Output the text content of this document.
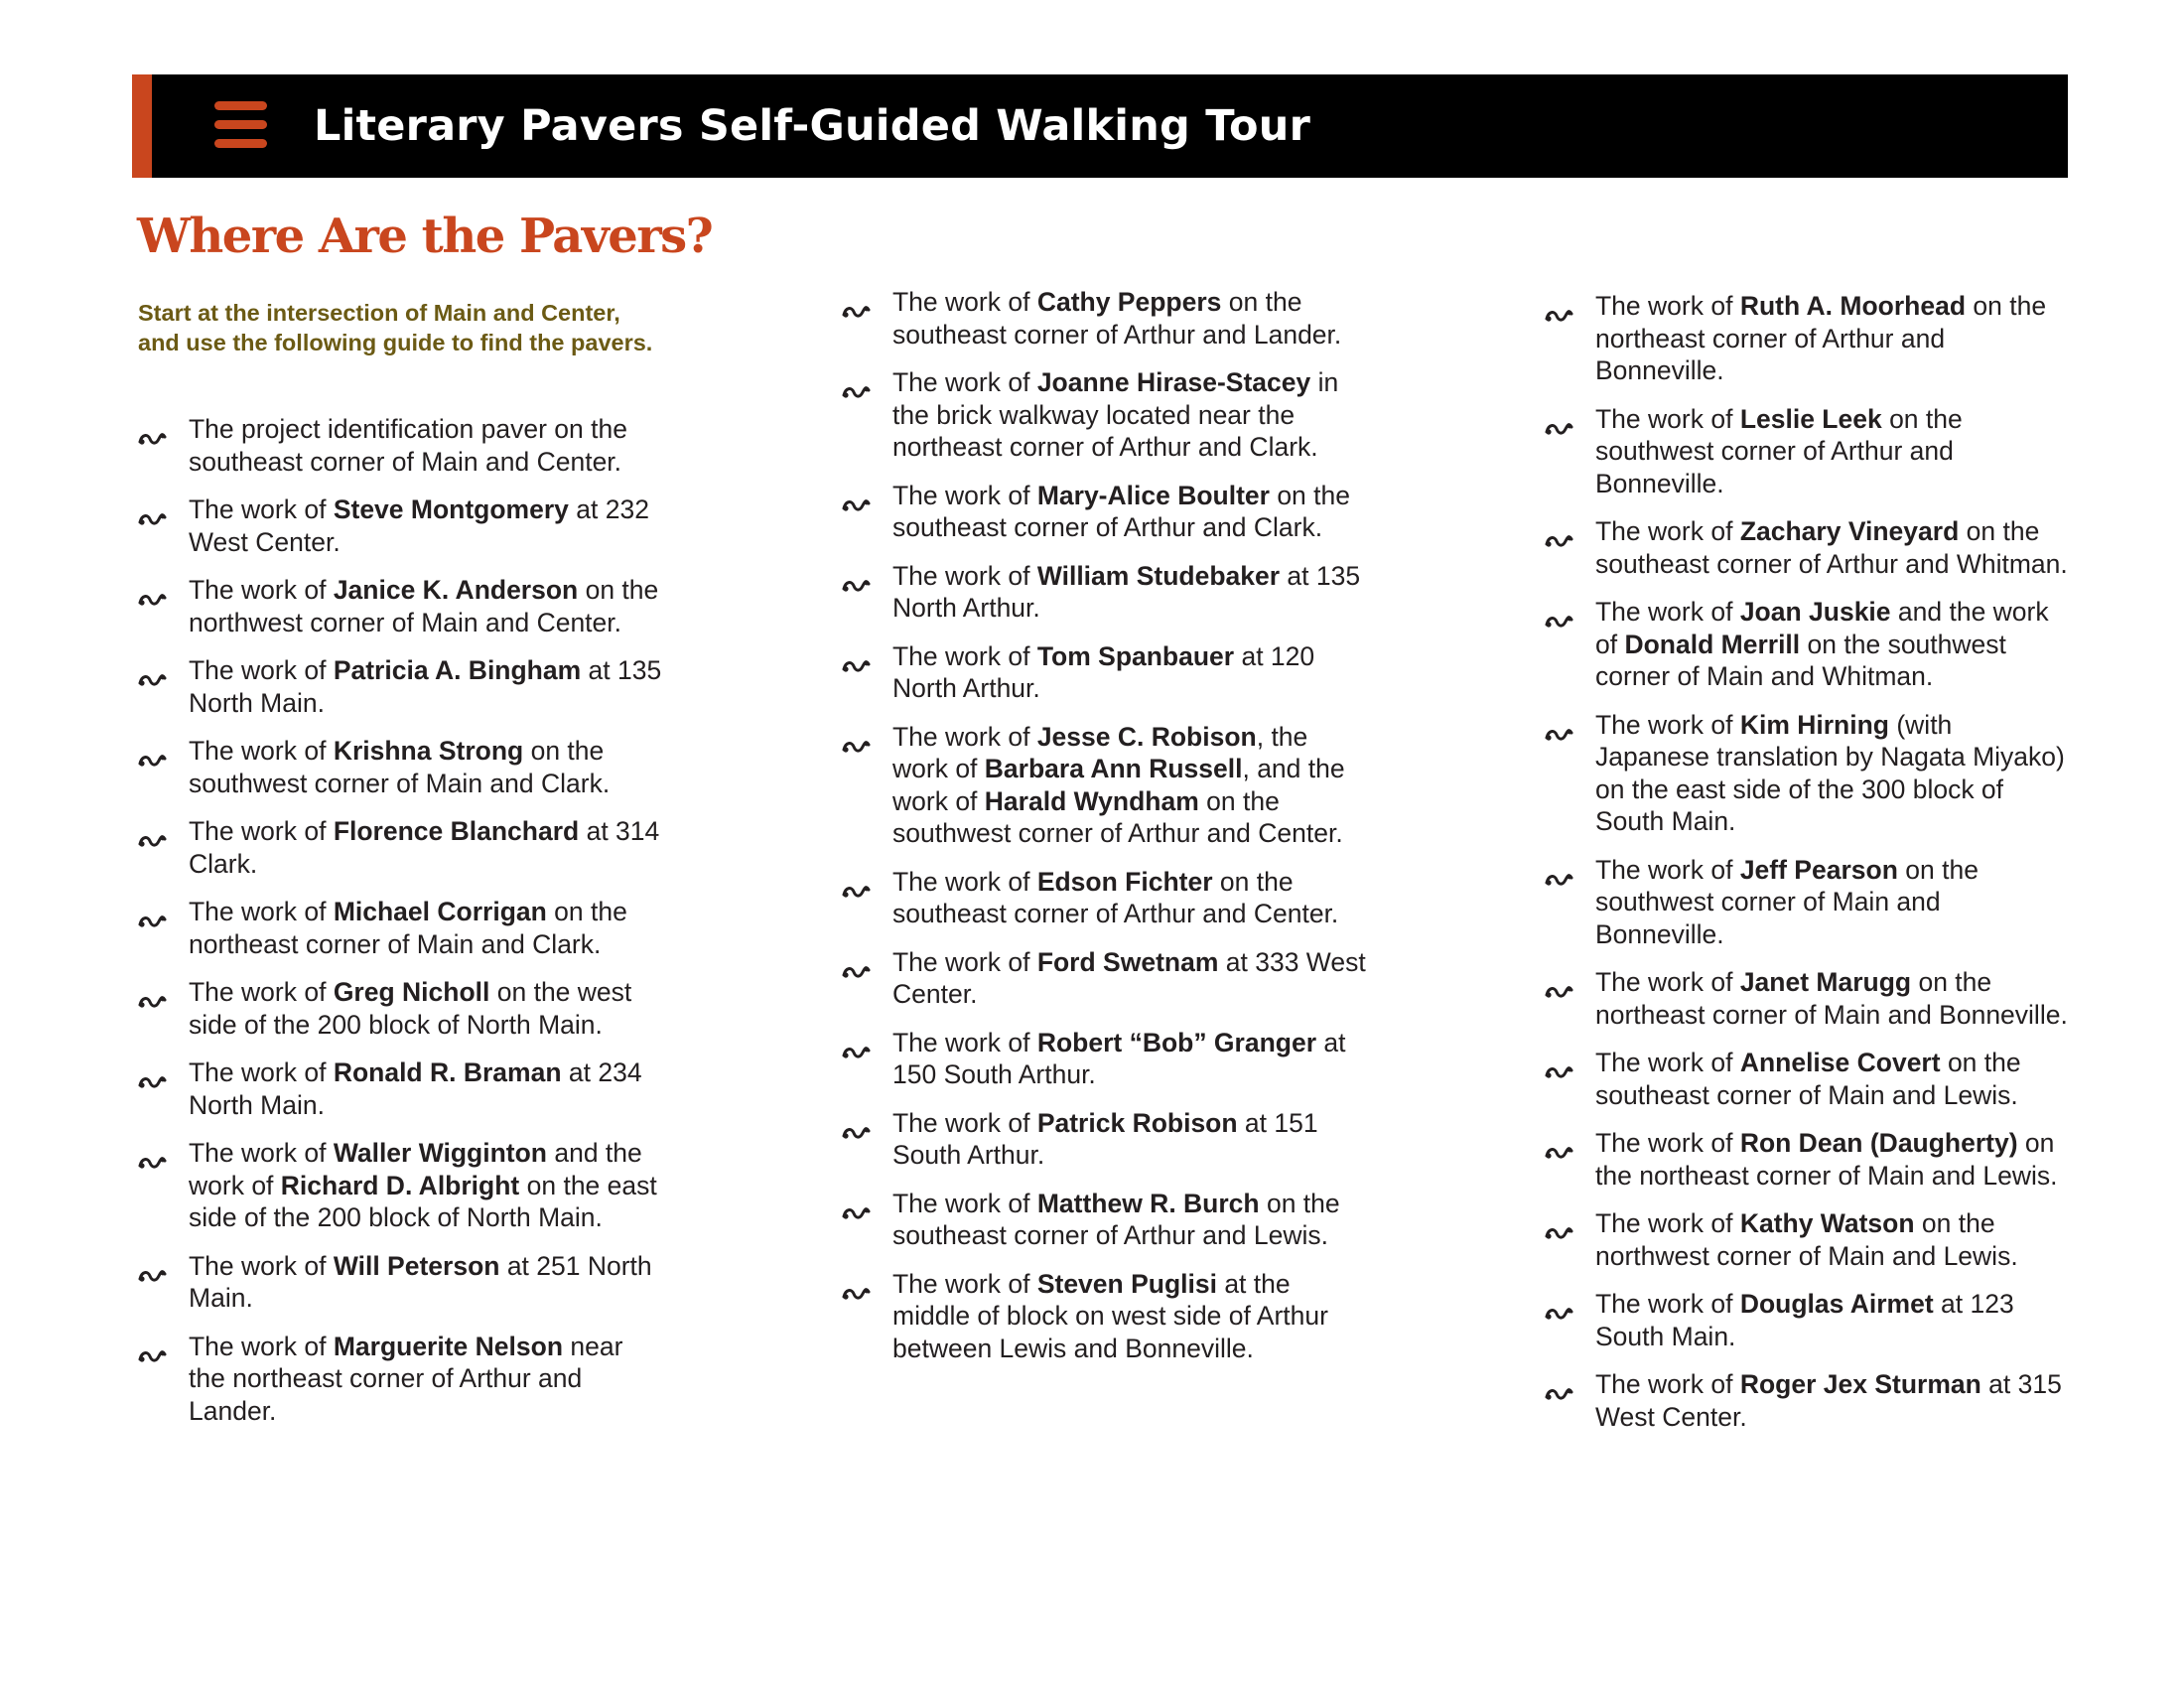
Literary Pavers Self-Guided Walking Tour
Where Are the Pavers?

Start at the intersection of Main and Center, and use the following guide to find the pavers.

The project identification paver on the southeast corner of Main and Center.
The work of Steve Montgomery at 232 West Center.
The work of Janice K. Anderson on the northwest corner of Main and Center.
The work of Patricia A. Bingham at 135 North Main.
The work of Krishna Strong on the southwest corner of Main and Clark.
The work of Florence Blanchard at 314 Clark.
The work of Michael Corrigan on the northeast corner of Main and Clark.
The work of Greg Nicholl on the west side of the 200 block of North Main.
The work of Ronald R. Braman at 234 North Main.
The work of Waller Wigginton and the work of Richard D. Albright on the east side of the 200 block of North Main.
The work of Will Peterson at 251 North Main.
The work of Marguerite Nelson near the northeast corner of Arthur and Lander.
The work of Cathy Peppers on the southeast corner of Arthur and Lander.
The work of Joanne Hirase-Stacey in the brick walkway located near the northeast corner of Arthur and Clark.
The work of Mary-Alice Boulter on the southeast corner of Arthur and Clark.
The work of William Studebaker at 135 North Arthur.
The work of Tom Spanbauer at 120 North Arthur.
The work of Jesse C. Robison, the work of Barbara Ann Russell, and the work of Harald Wyndham on the southwest corner of Arthur and Center.
The work of Edson Fichter on the southeast corner of Arthur and Center.
The work of Ford Swetnam at 333 West Center.
The work of Robert “Bob” Granger at 150 South Arthur.
The work of Patrick Robison at 151 South Arthur.
The work of Matthew R. Burch on the southeast corner of Arthur and Lewis.
The work of Steven Puglisi at the middle of block on west side of Arthur between Lewis and Bonneville.
The work of Ruth A. Moorhead on the northeast corner of Arthur and Bonneville.
The work of Leslie Leek on the southwest corner of Arthur and Bonneville.
The work of Zachary Vineyard on the southeast corner of Arthur and Whitman.
The work of Joan Juskie and the work of Donald Merrill on the southwest corner of Main and Whitman.
The work of Kim Hirning (with Japanese translation by Nagata Miyako) on the east side of the 300 block of South Main.
The work of Jeff Pearson on the southwest corner of Main and Bonneville.
The work of Janet Marugg on the northeast corner of Main and Bonneville.
The work of Annelise Covert on the southeast corner of Main and Lewis.
The work of Ron Dean (Daugherty) on the northeast corner of Main and Lewis.
The work of Kathy Watson on the northwest corner of Main and Lewis.
The work of Douglas Airmet at 123 South Main.
The work of Roger Jex Sturman at 315 West Center.
